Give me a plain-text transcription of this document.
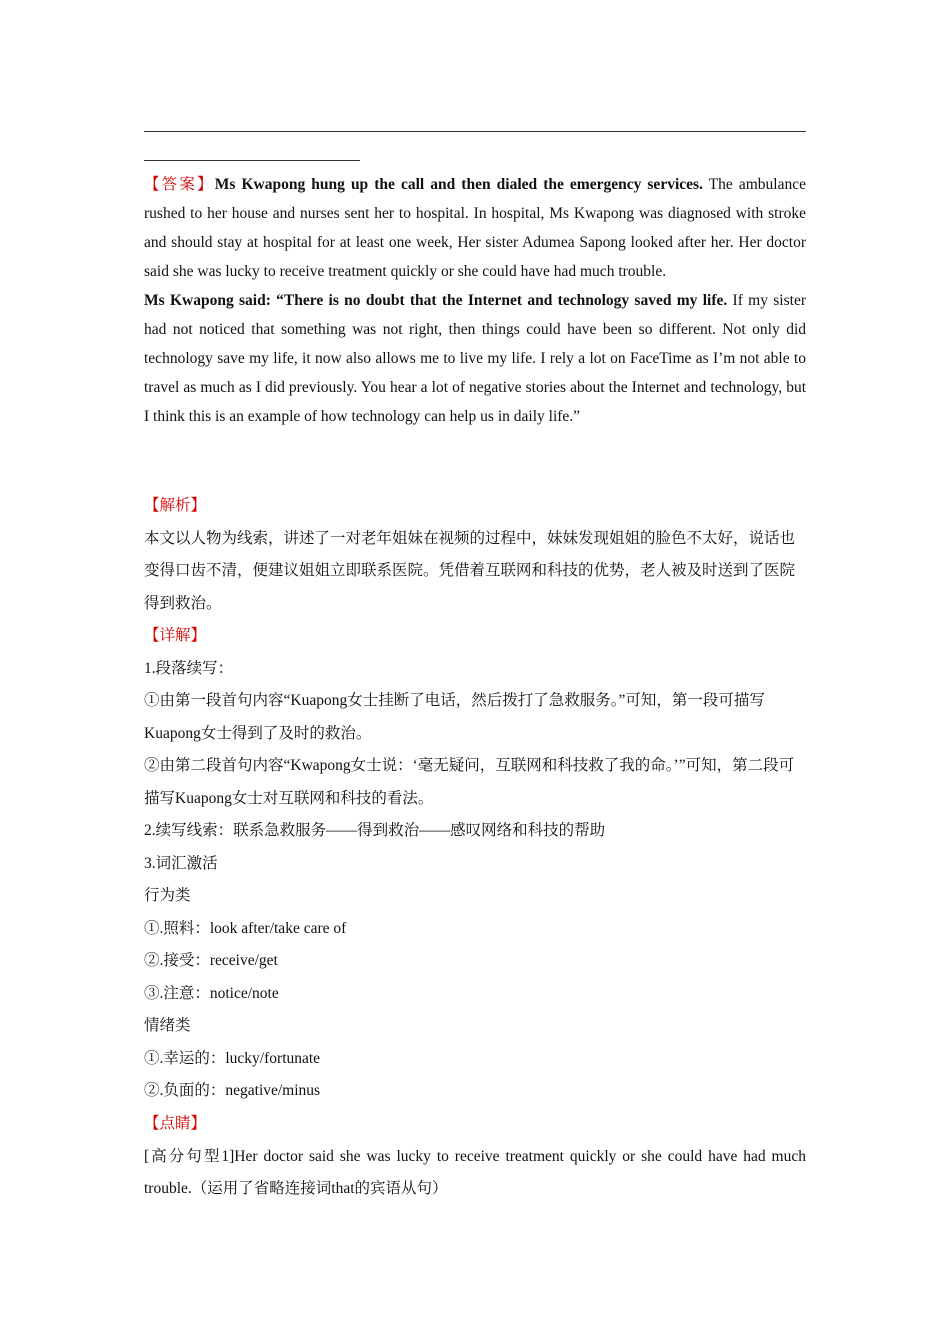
【答案】Ms Kwapong hung up the call and then dialed the emergency services. The ambulance rushed to her house and nurses sent her to hospital. In hospital, Ms Kwapong was diagnosed with stroke and should stay at hospital for at least one week, Her sister Adumea Sapong looked after her. Her doctor said she was lucky to receive treatment quickly or she could have had much trouble.

Ms Kwapong said: “There is no doubt that the Internet and technology saved my life. If my sister had not noticed that something was not right, then things could have been so different. Not only did technology save my life, it now also allows me to live my life. I rely a lot on FaceTime as I’m not able to travel as much as I did previously. You hear a lot of negative stories about the Internet and technology, but I think this is an example of how technology can help us in daily life.”

【解析】

本文以人物为线索，讲述了一对老年姐妹在视频的过程中，妹妹发现姐姐的脸色不太好，说话也变得口齿不清，便建议姐姐立即联系医院。凭借着互联网和科技的优势，老人被及时送到了医院得到救治。

【详解】

1.段落续写：

①由第一段首句内容“Kuapong女士挂断了电话，然后拨打了急救服务。”可知，第一段可描写Kuapong女士得到了及时的救治。

②由第二段首句内容“Kwapong女士说：‘毫无疑问，互联网和科技救了我的命。’”可知，第二段可描写Kuapong女士对互联网和科技的看法。

2.续写线索：联系急救服务——得到救治——感叹网络和科技的帮助

3.词汇激活

行为类

①.照料：look after/take care of

②.接受：receive/get

③.注意：notice/note

情绪类

①.幸运的：lucky/fortunate

②.负面的：negative/minus

【点睛】

[高分句型1]Her doctor said she was lucky to receive treatment quickly or she could have had much trouble.（运用了省略连接词that的宾语从句）
